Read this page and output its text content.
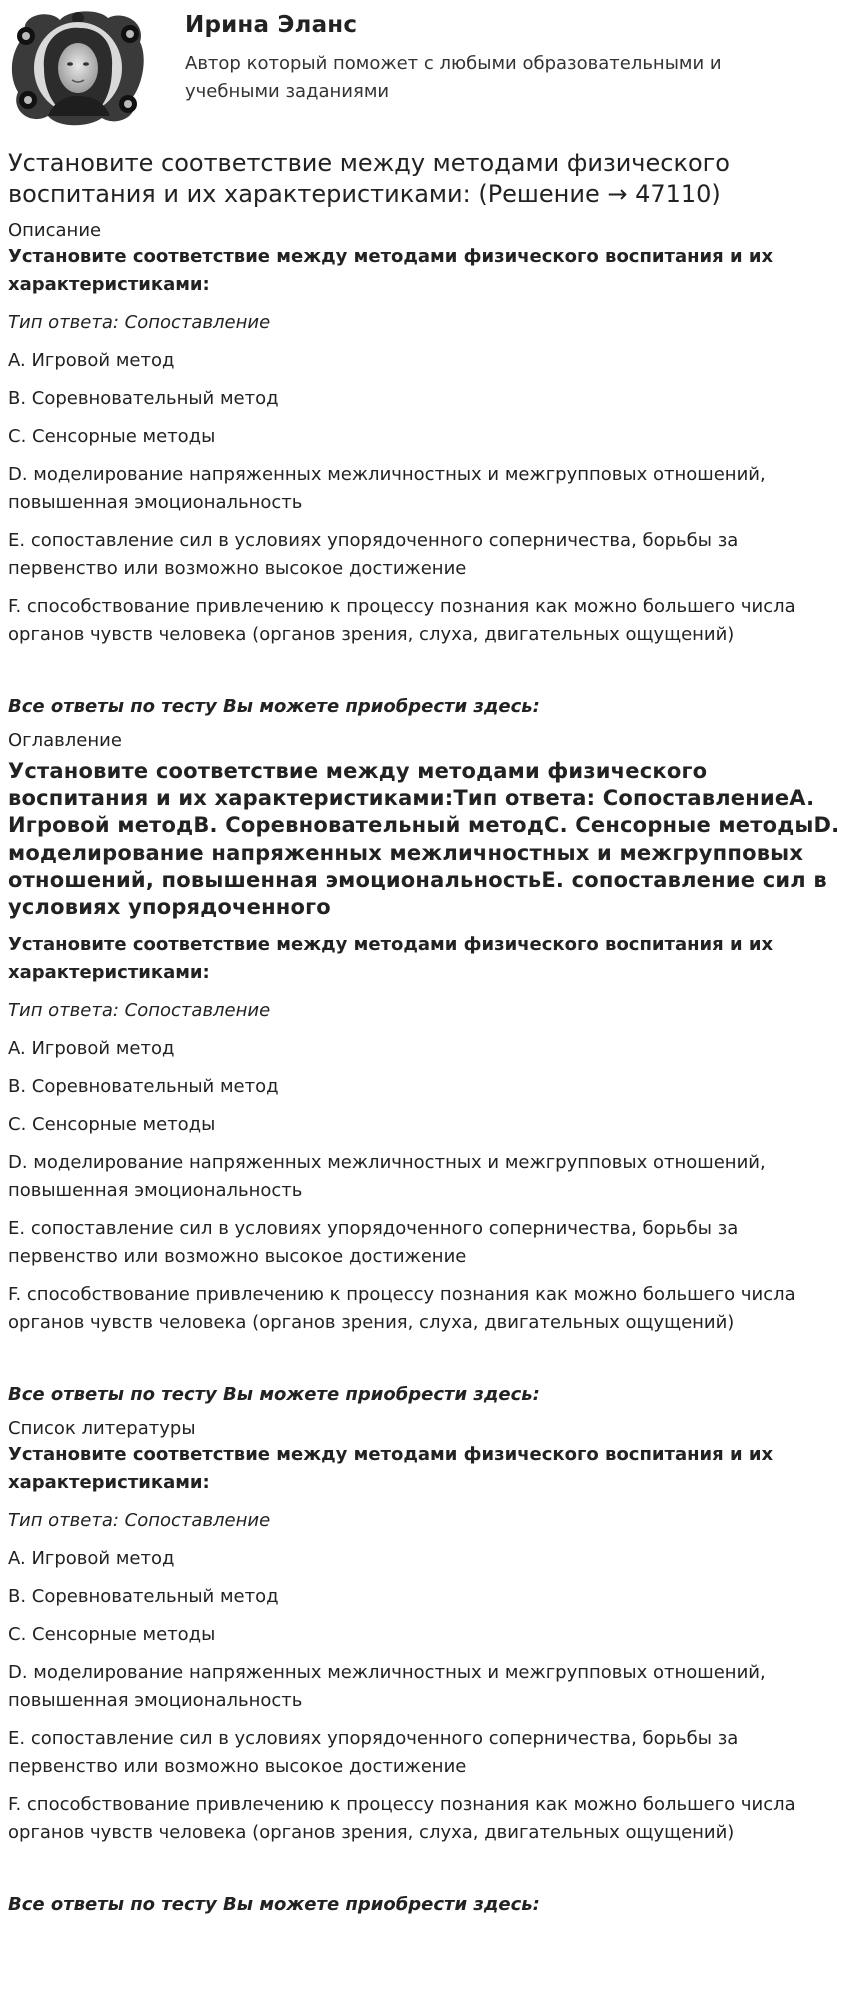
Ирина Эланс
Автор который поможет с любыми образовательными и учебными заданиями
Установите соответствие между методами физического воспитания и их характеристиками: (Решение → 47110)

Описание

Установите соответствие между методами физического воспитания и их характеристиками:

Тип ответа: Сопоставление

A. Игровой метод

B. Соревновательный метод

C. Сенсорные методы

D. моделирование напряженных межличностных и межгрупповых отношений, повышенная эмоциональность

E. сопоставление сил в условиях упорядоченного соперничества, борьбы за первенство или возможно высокое достижение

F. способствование привлечению к процессу познания как можно большего числа органов чувств человека (органов зрения, слуха, двигательных ощущений)

Все ответы по тесту Вы можете приобрести здесь:

Оглавление

Установите соответствие между методами физического воспитания и их характеристиками:Тип ответа: СопоставлениеA. Игровой методB. Соревновательный методC. Сенсорные методыD. моделирование напряженных межличностных и межгрупповых отношений, повышенная эмоциональностьE. сопоставление сил в условиях упорядоченного

Установите соответствие между методами физического воспитания и их характеристиками:

Тип ответа: Сопоставление

A. Игровой метод

B. Соревновательный метод

C. Сенсорные методы

D. моделирование напряженных межличностных и межгрупповых отношений, повышенная эмоциональность

E. сопоставление сил в условиях упорядоченного соперничества, борьбы за первенство или возможно высокое достижение

F. способствование привлечению к процессу познания как можно большего числа органов чувств человека (органов зрения, слуха, двигательных ощущений)

Все ответы по тесту Вы можете приобрести здесь:

Список литературы

Установите соответствие между методами физического воспитания и их характеристиками:

Тип ответа: Сопоставление

A. Игровой метод

B. Соревновательный метод

C. Сенсорные методы

D. моделирование напряженных межличностных и межгрупповых отношений, повышенная эмоциональность

E. сопоставление сил в условиях упорядоченного соперничества, борьбы за первенство или возможно высокое достижение

F. способствование привлечению к процессу познания как можно большего числа органов чувств человека (органов зрения, слуха, двигательных ощущений)

Все ответы по тесту Вы можете приобрести здесь:
